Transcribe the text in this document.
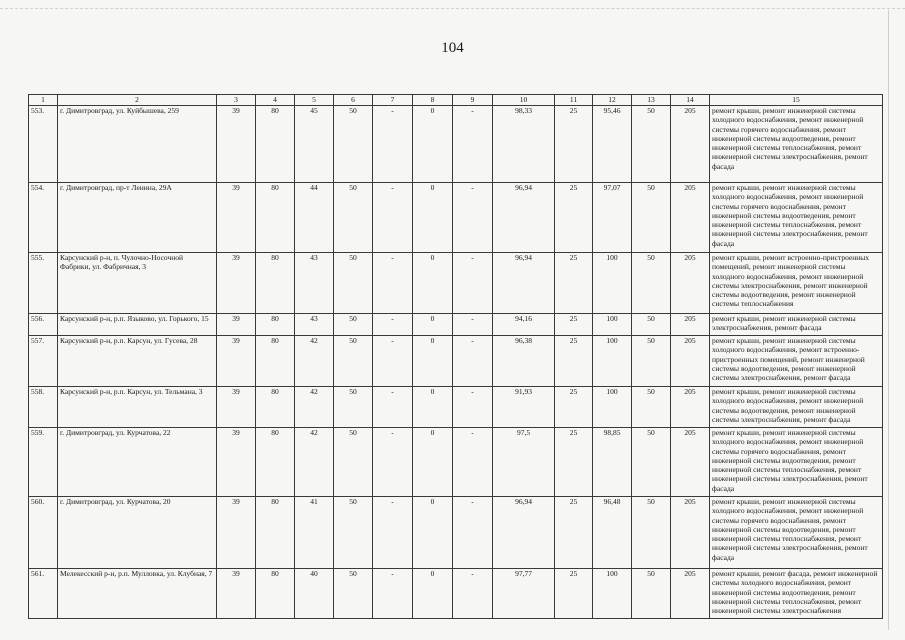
104
1	2	3	4	5	6	7	8	9	10	11	12	13	14	15
553.	г. Димитровград, ул. Куйбышева, 259	39	80	45	50	-	0	-	98,33	25	95,46	50	205	ремонт крыши, ремонт инженерной системы холодного водоснабжения, ремонт инженерной системы горячего водоснабжения, ремонт инженерной системы водоотведения, ремонт инженерной системы теплоснабжения, ремонт инженерной системы электроснабжения, ремонт фасада
554.	г. Димитровград, пр-т Ленина, 29А	39	80	44	50	-	0	-	96,94	25	97,07	50	205	ремонт крыши, ремонт инженерной системы холодного водоснабжения, ремонт инженерной системы горячего водоснабжения, ремонт инженерной системы водоотведения, ремонт инженерной системы теплоснабжения, ремонт инженерной системы электроснабжения, ремонт фасада
555.	Карсунский р-н, п. Чулочно-Носочной Фабрики, ул. Фабричная, 3	39	80	43	50	-	0	-	96,94	25	100	50	205	ремонт крыши, ремонт встроенно-пристроенных помещений, ремонт инженерной системы холодного водоснабжения, ремонт инженерной системы электроснабжения, ремонт инженерной системы водоотведения, ремонт инженерной системы теплоснабжения
556.	Карсунский р-н, р.п. Языково, ул. Горького, 15	39	80	43	50	-	0	-	94,16	25	100	50	205	ремонт крыши, ремонт инженерной системы электроснабжения, ремонт фасада
557.	Карсунский р-н, р.п. Карсун, ул. Гусева, 28	39	80	42	50	-	0	-	96,38	25	100	50	205	ремонт крыши, ремонт инженерной системы холодного водоснабжения, ремонт встроенно-пристроенных помещений, ремонт инженерной системы водоотведения, ремонт инженерной системы электроснабжения, ремонт фасада
558.	Карсунский р-н, р.п. Карсун, ул. Тельмана, 3	39	80	42	50	-	0	-	91,93	25	100	50	205	ремонт крыши, ремонт инженерной системы холодного водоснабжения, ремонт инженерной системы водоотведения, ремонт инженерной системы электроснабжения, ремонт фасада
559.	г. Димитровград, ул. Курчатова, 22	39	80	42	50	-	0	-	97,5	25	98,85	50	205	ремонт крыши, ремонт инженерной системы холодного водоснабжения, ремонт инженерной системы горячего водоснабжения, ремонт инженерной системы водоотведения, ремонт инженерной системы теплоснабжения, ремонт инженерной системы электроснабжения, ремонт фасада
560.	г. Димитровград, ул. Курчатова, 20	39	80	41	50	-	0	-	96,94	25	96,48	50	205	ремонт крыши, ремонт инженерной системы холодного водоснабжения, ремонт инженерной системы горячего водоснабжения, ремонт инженерной системы водоотведения, ремонт инженерной системы теплоснабжения, ремонт инженерной системы электроснабжения, ремонт фасада
561.	Мелекесский р-н, р.п. Мулловка, ул. Клубная, 7	39	80	40	50	-	0	-	97,77	25	100	50	205	ремонт крыши, ремонт фасада, ремонт инженерной системы холодного водоснабжения, ремонт инженерной системы водоотведения, ремонт инженерной системы теплоснабжения, ремонт инженерной системы электроснабжения
